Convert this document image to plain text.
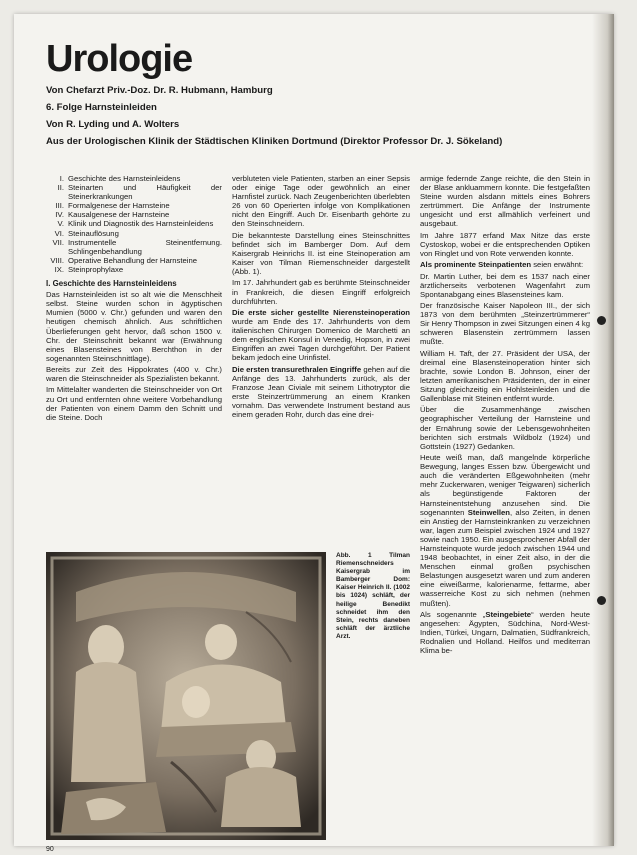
Urologie
Von Chefarzt Priv.-Doz. Dr. R. Hubmann, Hamburg
6. Folge Harnsteinleiden
Von R. Lyding und A. Wolters
Aus der Urologischen Klinik der Städtischen Kliniken Dortmund (Direktor Professor Dr. J. Sökeland)
I. Geschichte des Harnsteinleidens
II. Steinarten und Häufigkeit der Steinerkrankungen
III. Formalgenese der Harnsteine
IV. Kausalgenese der Harnsteine
V. Klinik und Diagnostik des Harnsteinleidens
VI. Steinauflösung
VII. Instrumentelle Steinentfernung. Schlingenbehandlung
VIII. Operative Behandlung der Harnsteine
IX. Steinprophylaxe
I. Geschichte des Harnsteinleidens

Das Harnsteinleiden ist so alt wie die Menschheit selbst. Steine wurden schon in ägyptischen Mumien (5000 v. Chr.) gefunden und waren den heutigen chemisch ähnlich. Aus schriftlichen Überlieferungen geht hervor, daß schon 1500 v. Chr. der Steinschnitt bekannt war (Erwähnung eines Blasensteines von Berchthon in der sogenannten Steinschnittlage).

Bereits zur Zeit des Hippokrates (400 v. Chr.) waren die Steinschneider als Spezialisten bekannt.

Im Mittelalter wanderten die Steinschneider von Ort zu Ort und entfernten ohne weitere Vorbehandlung der Patienten von einem Damm den Schnitt und die Steine. Doch

verbluteten viele Patienten, starben an einer Sepsis oder einige Tage oder gewöhnlich an einer Harnfistel zurück. Nach Zeugenberichten überlebten 26 von 60 Operierten infolge von Komplikationen nicht den Eingriff. Auch Dr. Eisenbarth gehörte zu den Steinschneidern.

Die bekannteste Darstellung eines Steinschnittes befindet sich im Bamberger Dom. Auf dem Kaisergrab Heinrichs II. ist eine Steinoperation am Kaiser von Tilman Riemenschneider dargestellt (Abb. 1).

Im 17. Jahrhundert gab es berühmte Steinschneider in Frankreich, die diesen Eingriff erfolgreich durchführten.

Die erste sicher gestellte Nierensteinoperation wurde am Ende des 17. Jahrhunderts von dem italienischen Chirurgen Domenico de Marchetti an dem englischen Konsul in Venedig, Hopson, in zwei Eingriffen an zwei Tagen durchgeführt. Der Patient bekam jedoch eine Urinfistel.

Die ersten transurethralen Eingriffe gehen auf die Anfänge des 13. Jahrhunderts zurück, als der Franzose Jean Civiale mit seinem Lithotryptor die erste Steinzertrümmerung an einem Kranken vornahm. Das verwendete Instrument bestand aus einem geraden Rohr, durch das eine drei-

armige federnde Zange reichte, die den Stein in der Blase ankluammern konnte. Die festgefaßten Steine wurden alsdann mittels eines Bohrers zertrümmert. Die Anfänge der Instrumente ungesicht und erst allmählich verfeinert und ausgebaut.

Im Jahre 1877 erfand Max Nitze das erste Cystoskop, wobei er die entsprechenden Optiken von Ringlet und von Rote verwenden konnte.

Als prominente Steinpatienten seien erwähnt:

Dr. Martin Luther, bei dem es 1537 nach einer ärztlicherseits verbotenen Wagenfahrt zum Spontanabgang eines Blasensteines kam.

Der französische Kaiser Napoleon III., der sich 1873 von dem berühmten „Steinzertrümmerer“ Sir Henry Thompson in zwei Sitzungen einen 4 kg schweren Blasenstein zertrümmern lassen mußte.

William H. Taft, der 27. Präsident der USA, der dreimal eine Blasensteinoperation hinter sich brachte, sowie London B. Johnson, einer der letzten amerikanischen Präsidenten, der in einer Sitzung gleichzeitig ein Hohlsteinleiden und die Gallenblase mit Steinen entfernt wurde.

Über die Zusammenhänge zwischen geographischer Verteilung der Harnsteine und der Ernährung sowie der Lebensgewohnheiten berichten sich erstmals Wildbolz (1924) und Gottstein (1927) Gedanken.

Heute weiß man, daß mangelnde körperliche Bewegung, langes Essen bzw. Übergewicht und auch die veränderten Eßgewohnheiten (mehr mehr Zuckerwaren, weniger Teigwaren) sicherlich als begünstigende Faktoren der Harnsteinentstehung anzusehen sind. Die sogenannten Steinwellen, also Zeiten, in denen ein Anstieg der Harnsteinkranken zu verzeichnen war, lagen zum Beispiel zwischen 1924 und 1927 sowie nach 1950. Ein ausgesprochener Abfall der Harnsteinquote wurde jedoch zwischen 1944 und 1948 beobachtet, in einer Zeit also, in der die Menschen einmal großen psychischen Belastungen ausgesetzt waren und zum anderen eine eiweißarme, kalorienarme, fettarme, aber wasserreiche Kost zu sich nehmen (nehmen mußten).

Als sogenannte „Steingebiete“ werden heute angesehen: Ägypten, Südchina, Nord-West-Indien, Türkei, Ungarn, Dalmatien, Südfrankreich, Rodnalien und Holland. Heilfos und mediterran Klima be-

Abb. 1 Tilman Riemenschneiders Kaisergrab im Bamberger Dom: Kaiser Heinrich II. (1002 bis 1024) schläft, der heilige Benedikt schneidet ihm den Stein, rechts daneben schläft der ärztliche Arzt.
90
